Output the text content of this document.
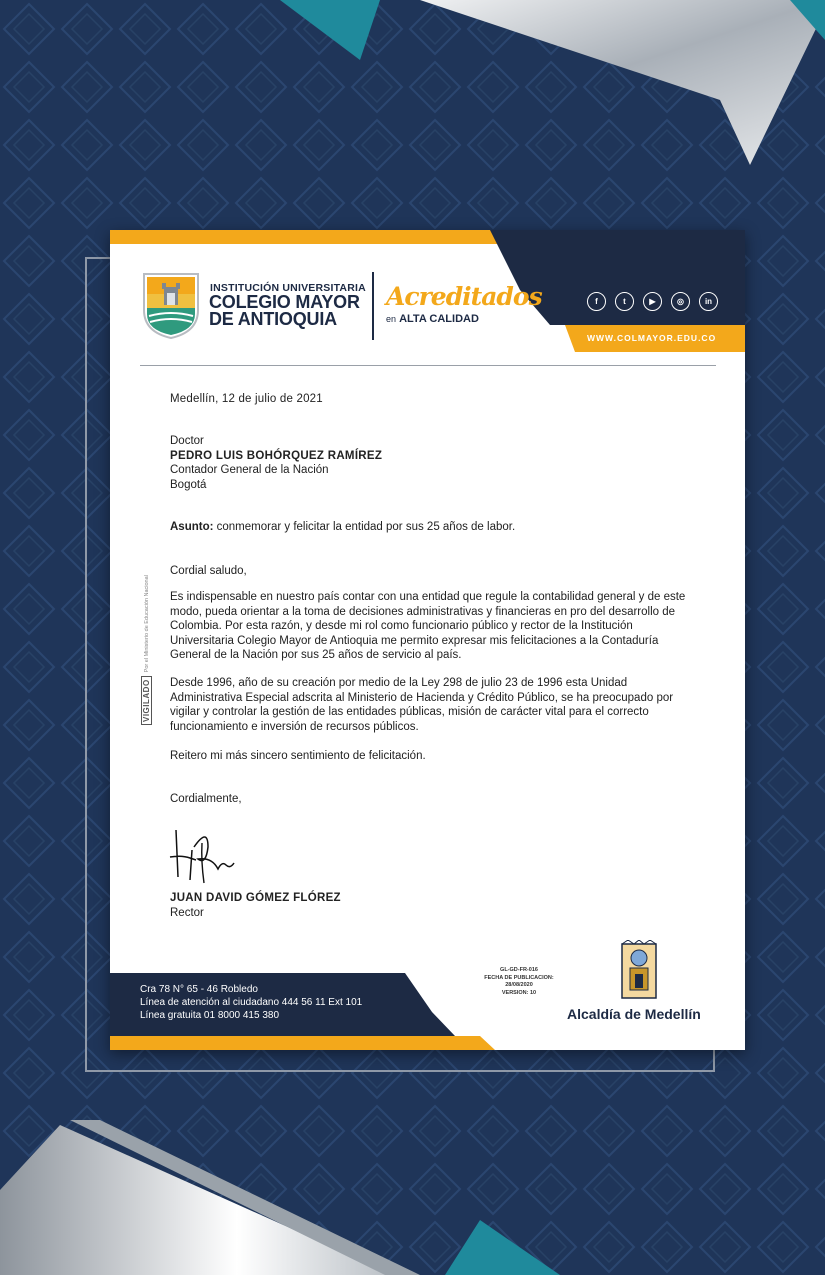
INSTITUCIÓN UNIVERSITARIA
COLEGIO MAYOR
DE ANTIOQUIA
Acreditados
en ALTA CALIDAD
f	t	▶	◎	in
WWW.COLMAYOR.EDU.CO
VIGILADO
Por el Ministerio de Educación Nacional
Medellín, 12 de julio de 2021
Doctor
PEDRO LUIS BOHÓRQUEZ RAMÍREZ
Contador General de la Nación
Bogotá
Asunto: conmemorar y felicitar la entidad por sus 25 años de labor.
Cordial saludo,
Es indispensable en nuestro país contar con una entidad que regule la contabilidad general y de este modo, pueda orientar a la toma de decisiones administrativas y financieras en pro del desarrollo de Colombia. Por esta razón, y desde mi rol como funcionario público y rector de la Institución Universitaria Colegio Mayor de Antioquia me permito expresar mis felicitaciones a la Contaduría General de la Nación por sus 25 años de servicio al país.
Desde 1996, año de su creación por medio de la Ley 298 de julio 23 de 1996 esta Unidad Administrativa Especial adscrita al Ministerio de Hacienda y Crédito Público, se ha preocupado por vigilar y controlar la gestión de las entidades públicas, misión de carácter vital para el correcto funcionamiento e inversión de recursos públicos.
Reitero mi más sincero sentimiento de felicitación.
Cordialmente,
JUAN DAVID GÓMEZ FLÓREZ
Rector
Cra 78 N° 65 - 46 Robledo
Línea de atención al ciudadano 444 56 11 Ext 101
Línea gratuita 01 8000 415 380
GL-GD-FR-016
FECHA DE PUBLICACION:
28/08/2020
VERSION: 10
Alcaldía de Medellín
